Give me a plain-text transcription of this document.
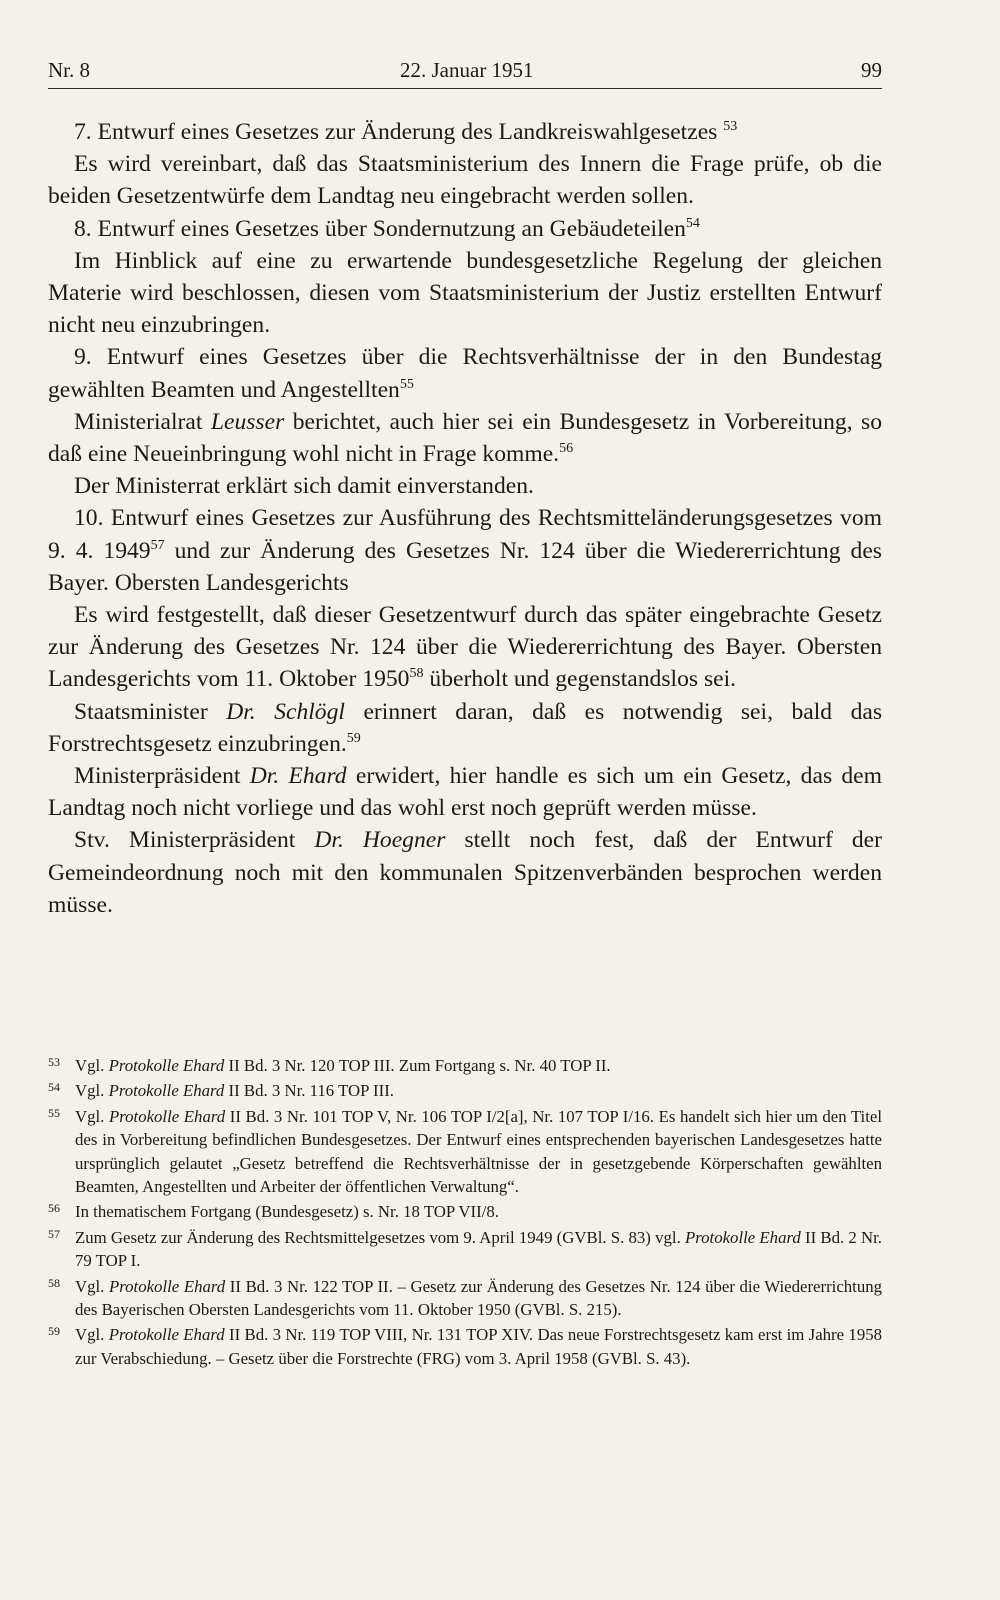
Nr. 8	22. Januar 1951	99
7. Entwurf eines Gesetzes zur Änderung des Landkreiswahlgesetzes $^{53}$
Es wird vereinbart, daß das Staatsministerium des Innern die Frage prüfe, ob die beiden Gesetzentwürfe dem Landtag neu eingebracht werden sollen.
8. Entwurf eines Gesetzes über Sondernutzung an Gebäudeteilen$^{54}$
Im Hinblick auf eine zu erwartende bundesgesetzliche Regelung der gleichen Materie wird beschlossen, diesen vom Staatsministerium der Justiz erstellten Entwurf nicht neu einzubringen.
9. Entwurf eines Gesetzes über die Rechtsverhältnisse der in den Bundestag gewählten Beamten und Angestellten$^{55}$
Ministerialrat Leusser berichtet, auch hier sei ein Bundesgesetz in Vorbereitung, so daß eine Neueinbringung wohl nicht in Frage komme.$^{56}$
Der Ministerrat erklärt sich damit einverstanden.
10. Entwurf eines Gesetzes zur Ausführung des Rechtsmitteländerungsgesetzes vom 9. 4. 1949$^{57}$ und zur Änderung des Gesetzes Nr. 124 über die Wiedererrichtung des Bayer. Obersten Landesgerichts
Es wird festgestellt, daß dieser Gesetzentwurf durch das später eingebrachte Gesetz zur Änderung des Gesetzes Nr. 124 über die Wiedererrichtung des Bayer. Obersten Landesgerichts vom 11. Oktober 1950$^{58}$ überholt und gegenstandslos sei.
Staatsminister Dr. Schlögl erinnert daran, daß es notwendig sei, bald das Forstrechtsgesetz einzubringen.$^{59}$
Ministerpräsident Dr. Ehard erwidert, hier handle es sich um ein Gesetz, das dem Landtag noch nicht vorliege und das wohl erst noch geprüft werden müsse.
Stv. Ministerpräsident Dr. Hoegner stellt noch fest, daß der Entwurf der Gemeindeordnung noch mit den kommunalen Spitzenverbänden besprochen werden müsse.
53 Vgl. Protokolle Ehard II Bd. 3 Nr. 120 TOP III. Zum Fortgang s. Nr. 40 TOP II.
54 Vgl. Protokolle Ehard II Bd. 3 Nr. 116 TOP III.
55 Vgl. Protokolle Ehard II Bd. 3 Nr. 101 TOP V, Nr. 106 TOP I/2[a], Nr. 107 TOP I/16. Es handelt sich hier um den Titel des in Vorbereitung befindlichen Bundesgesetzes. Der Entwurf eines entsprechenden bayerischen Landesgesetzes hatte ursprünglich gelautet „Gesetz betreffend die Rechtsverhältnisse der in gesetzgebende Körperschaften gewählten Beamten, Angestellten und Arbeiter der öffentlichen Verwaltung“.
56 In thematischem Fortgang (Bundesgesetz) s. Nr. 18 TOP VII/8.
57 Zum Gesetz zur Änderung des Rechtsmittelgesetzes vom 9. April 1949 (GVBl. S. 83) vgl. Protokolle Ehard II Bd. 2 Nr. 79 TOP I.
58 Vgl. Protokolle Ehard II Bd. 3 Nr. 122 TOP II. – Gesetz zur Änderung des Gesetzes Nr. 124 über die Wiedererrichtung des Bayerischen Obersten Landesgerichts vom 11. Oktober 1950 (GVBl. S. 215).
59 Vgl. Protokolle Ehard II Bd. 3 Nr. 119 TOP VIII, Nr. 131 TOP XIV. Das neue Forstrechtsgesetz kam erst im Jahre 1958 zur Verabschiedung. – Gesetz über die Forstrechte (FRG) vom 3. April 1958 (GVBl. S. 43).
